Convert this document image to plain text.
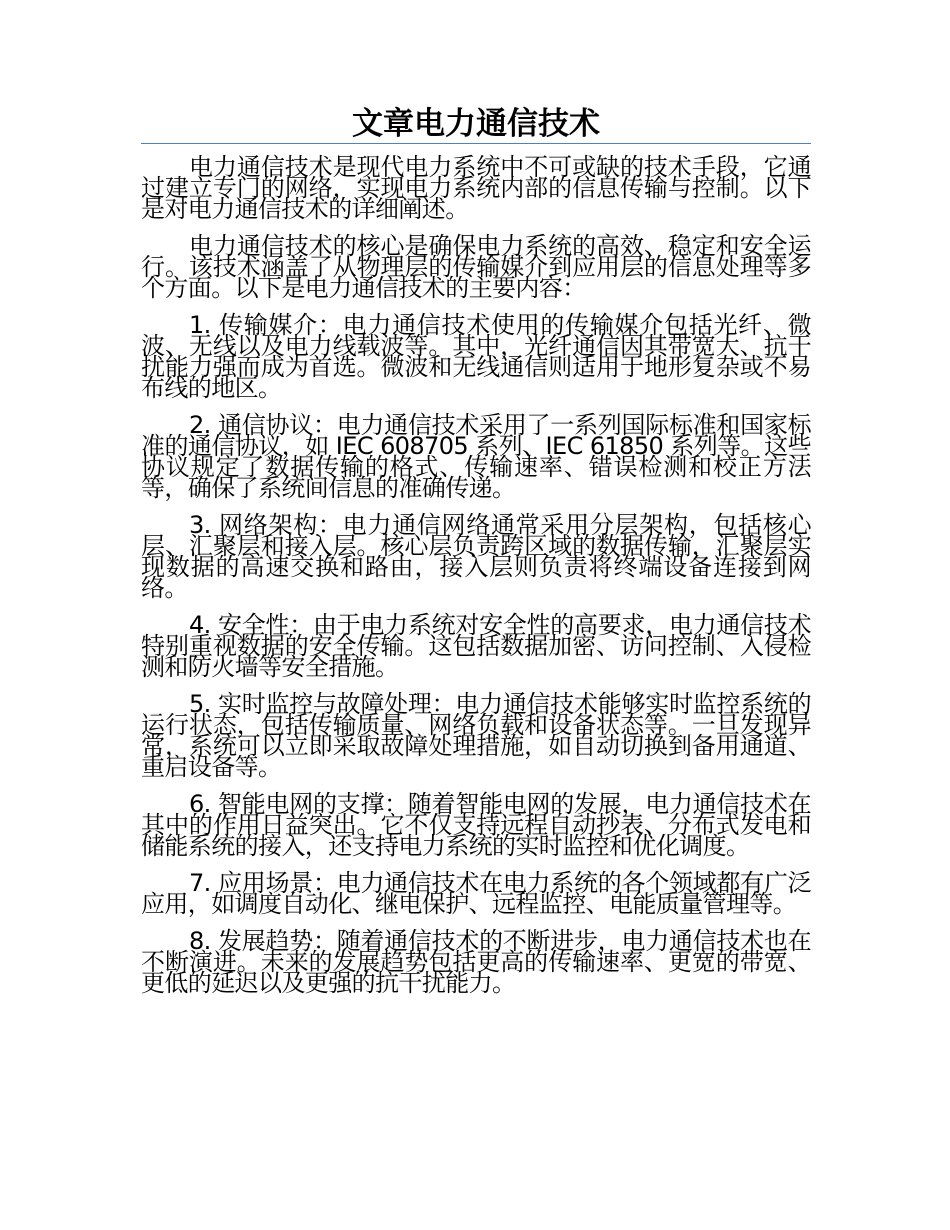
文章电力通信技术

电力通信技术是现代电力系统中不可或缺的技术手段，它通过建立专门的网络，实现电力系统内部的信息传输与控制。以下是对电力通信技术的详细阐述。

电力通信技术的核心是确保电力系统的高效、稳定和安全运行。该技术涵盖了从物理层的传输媒介到应用层的信息处理等多个方面。以下是电力通信技术的主要内容：

1. 传输媒介：电力通信技术使用的传输媒介包括光纤、微波、无线以及电力线载波等。其中，光纤通信因其带宽大、抗干扰能力强而成为首选。微波和无线通信则适用于地形复杂或不易布线的地区。

2. 通信协议：电力通信技术采用了一系列国际标准和国家标准的通信协议，如 IEC 608705 系列、IEC 61850 系列等。这些协议规定了数据传输的格式、传输速率、错误检测和校正方法等，确保了系统间信息的准确传递。

3. 网络架构：电力通信网络通常采用分层架构，包括核心层、汇聚层和接入层。核心层负责跨区域的数据传输，汇聚层实现数据的高速交换和路由，接入层则负责将终端设备连接到网络。

4. 安全性：由于电力系统对安全性的高要求，电力通信技术特别重视数据的安全传输。这包括数据加密、访问控制、入侵检测和防火墙等安全措施。

5. 实时监控与故障处理：电力通信技术能够实时监控系统的运行状态，包括传输质量、网络负载和设备状态等。一旦发现异常，系统可以立即采取故障处理措施，如自动切换到备用通道、重启设备等。

6. 智能电网的支撑：随着智能电网的发展，电力通信技术在其中的作用日益突出。它不仅支持远程自动抄表、分布式发电和储能系统的接入，还支持电力系统的实时监控和优化调度。

7. 应用场景：电力通信技术在电力系统的各个领域都有广泛应用，如调度自动化、继电保护、远程监控、电能质量管理等。

8. 发展趋势：随着通信技术的不断进步，电力通信技术也在不断演进。未来的发展趋势包括更高的传输速率、更宽的带宽、更低的延迟以及更强的抗干扰能力。
